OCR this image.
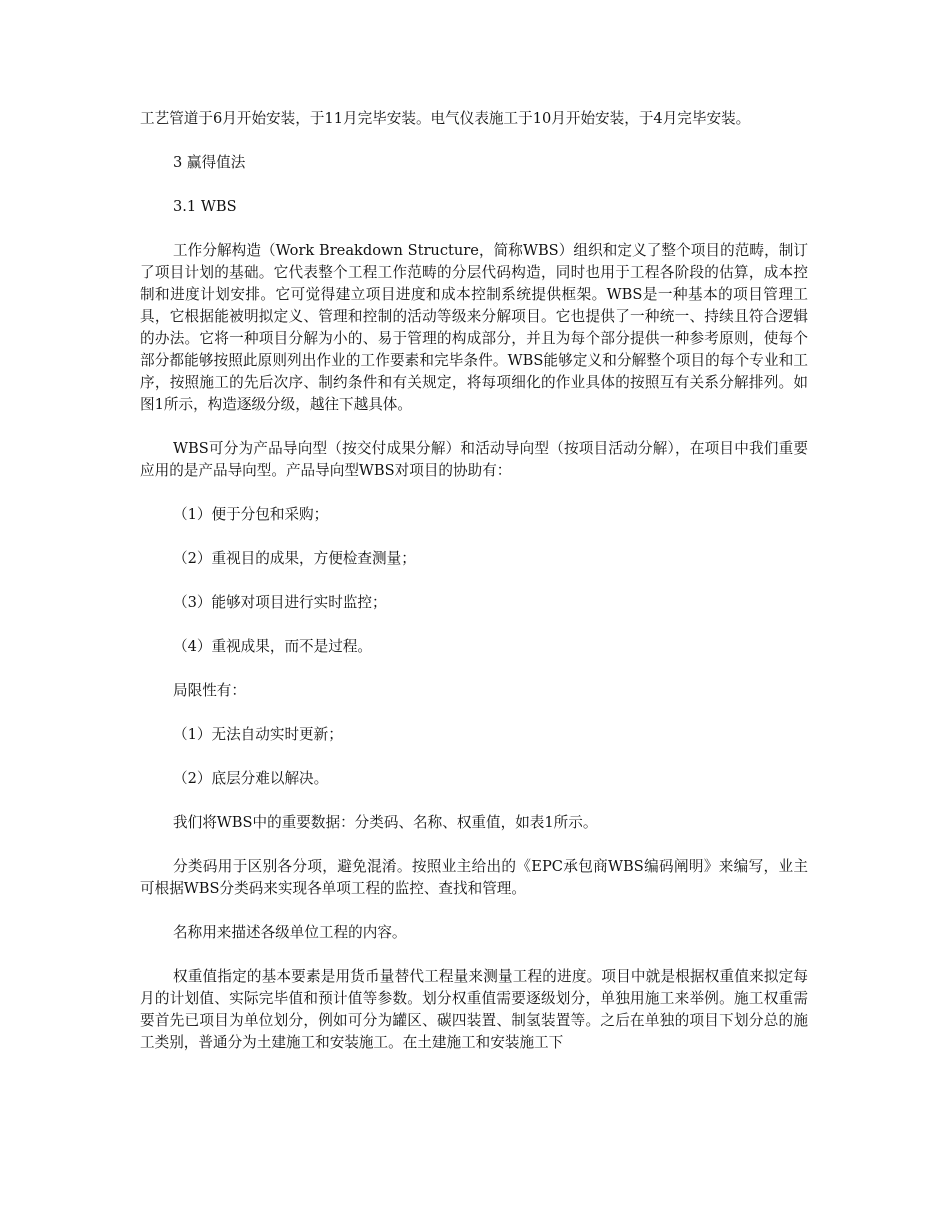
工艺管道于6月开始安装，于11月完毕安装。电气仪表施工于10月开始安装，于4月完毕安装。

3 赢得值法

3.1 WBS

工作分解构造（Work Breakdown Structure，简称WBS）组织和定义了整个项目的范畴，制订了项目计划的基础。它代表整个工程工作范畴的分层代码构造，同时也用于工程各阶段的估算，成本控制和进度计划安排。它可觉得建立项目进度和成本控制系统提供框架。WBS是一种基本的项目管理工具，它根据能被明拟定义、管理和控制的活动等级来分解项目。它也提供了一种统一、持续且符合逻辑的办法。它将一种项目分解为小的、易于管理的构成部分，并且为每个部分提供一种参考原则，使每个部分都能够按照此原则列出作业的工作要素和完毕条件。WBS能够定义和分解整个项目的每个专业和工序，按照施工的先后次序、制约条件和有关规定，将每项细化的作业具体的按照互有关系分解排列。如图1所示，构造逐级分级，越往下越具体。

WBS可分为产品导向型（按交付成果分解）和活动导向型（按项目活动分解），在项目中我们重要应用的是产品导向型。产品导向型WBS对项目的协助有：

（1）便于分包和采购；

（2）重视目的成果，方便检查测量；

（3）能够对项目进行实时监控；

（4）重视成果，而不是过程。

局限性有：

（1）无法自动实时更新；

（2）底层分难以解决。

我们将WBS中的重要数据：分类码、名称、权重值，如表1所示。

分类码用于区别各分项，避免混淆。按照业主给出的《EPC承包商WBS编码阐明》来编写，业主可根据WBS分类码来实现各单项工程的监控、查找和管理。

名称用来描述各级单位工程的内容。

权重值指定的基本要素是用货币量替代工程量来测量工程的进度。项目中就是根据权重值来拟定每月的计划值、实际完毕值和预计值等参数。划分权重值需要逐级划分，单独用施工来举例。施工权重需要首先已项目为单位划分，例如可分为罐区、碳四装置、制氢装置等。之后在单独的项目下划分总的施工类别，普通分为土建施工和安装施工。在土建施工和安装施工下
